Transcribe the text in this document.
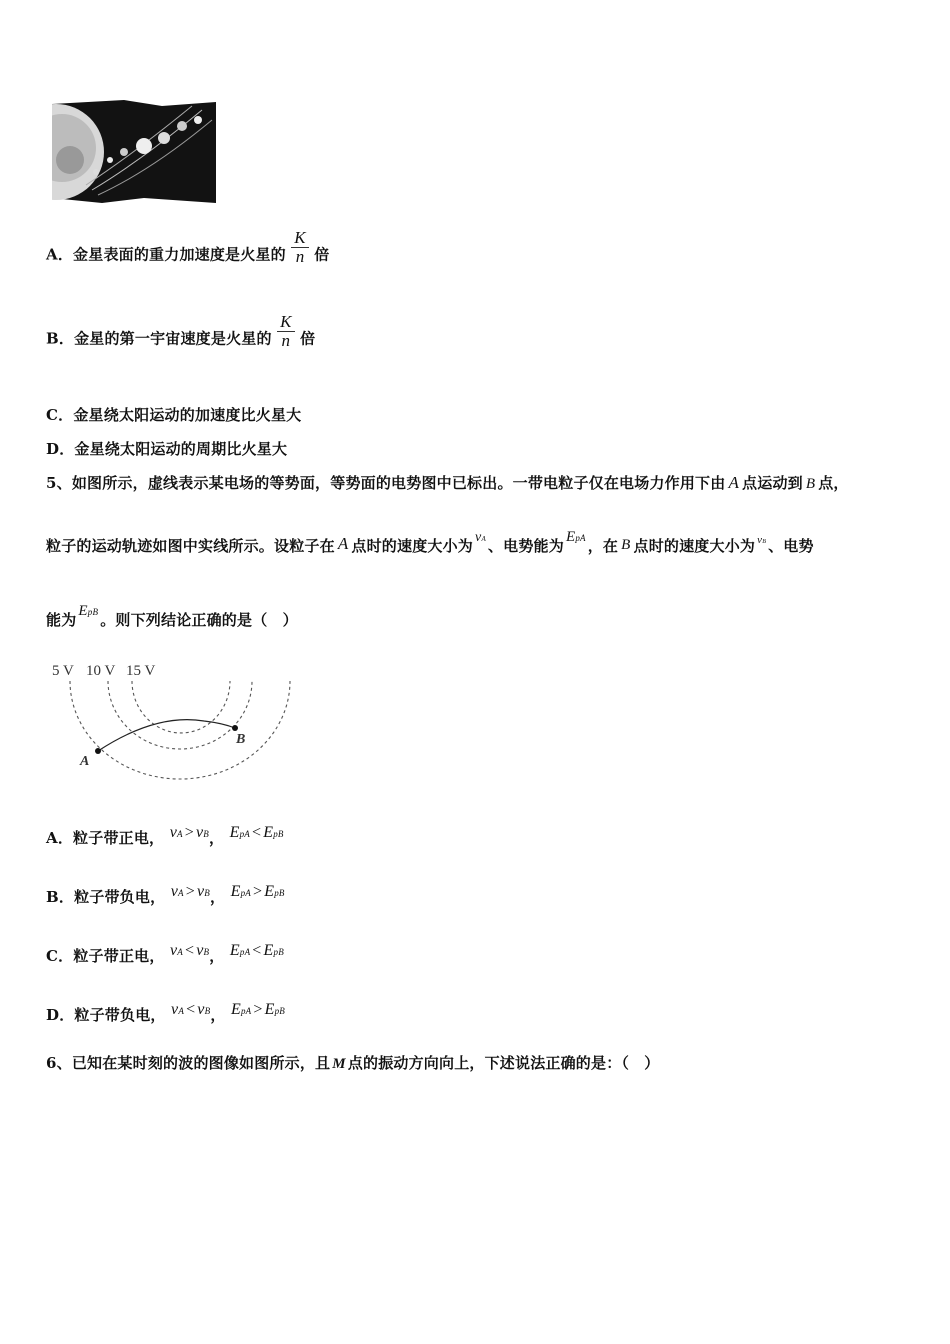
A．金星表面的重力加速度是火星的 $\frac{K}{n}$ 倍
B．金星的第一宇宙速度是火星的 $\frac{K}{n}$ 倍
C．金星绕太阳运动的加速度比火星大
D．金星绕太阳运动的周期比火星大
5、如图所示，虚线表示某电场的等势面，等势面的电势图中已标出。一带电粒子仅在电场力作用下由 A 点运动到 B 点，
粒子的运动轨迹如图中实线所示。设粒子在 A 点时的速度大小为 vA 、电势能为 EpA ，在 B 点时的速度大小为 vB 、电势
能为 EpB 。则下列结论正确的是（　）
5 V 10 V 15 V
A
B
A．粒子带正电， vA > vB， EpA < EpB
B．粒子带负电， vA > vB， EpA > EpB
C．粒子带正电， vA < vB， EpA < EpB
D．粒子带负电， vA < vB， EpA > EpB
6、已知在某时刻的波的图像如图所示，且 M 点的振动方向向上，下述说法正确的是：（　）
